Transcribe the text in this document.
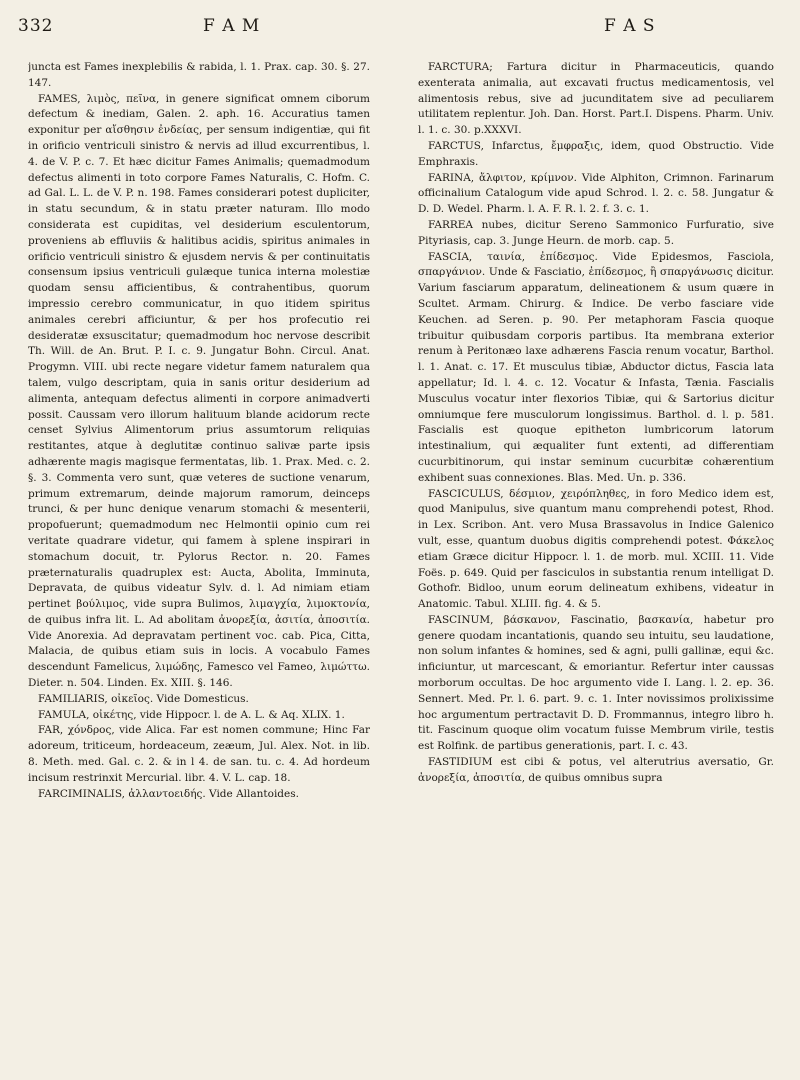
332	F A M	F A S

juncta est Fames inexplebilis & rabida, l. 1. Prax. cap. 30. §. 27. 147.

FAMES, λιμὸς, πεῖνα, in genere significat omnem ciborum defectum & inediam, Galen. 2. aph. 16. Accuratius tamen exponitur per αἴσθησιν ἐνδείας, per sensum indigentiæ, qui fit in orificio ventriculi sinistro & nervis ad illud excurrentibus, l. 4. de V. P. c. 7. Et hæc dicitur Fames Animalis; quemadmodum defectus alimenti in toto corpore Fames Naturalis, C. Hofm. C. ad Gal. L. L. de V. P. n. 198. Fames considerari potest dupliciter, in statu secundum, & in statu præter naturam. Illo modo considerata est cupiditas, vel desiderium esculentorum, proveniens ab effluviis & halitibus acidis, spiritus animales in orificio ventriculi sinistro & ejusdem nervis & per continuitatis consensum ipsius ventriculi gulæque tunica interna molestiæ quodam sensu afficientibus, & contrahentibus, quorum impressio cerebro communicatur, in quo itidem spiritus animales cerebri afficiuntur, & per hos profecutio rei desideratæ exsuscitatur; quemadmodum hoc nervose describit Th. Will. de An. Brut. P. I. c. 9. Jungatur Bohn. Circul. Anat. Progymn. VIII. ubi recte negare videtur famem naturalem qua talem, vulgo descriptam, quia in sanis oritur desiderium ad alimenta, antequam defectus alimenti in corpore animadverti possit. Caussam vero illorum halituum blande acidorum recte censet Sylvius Alimentorum prius assumtorum reliquias restitantes, atque à deglutitæ continuo salivæ parte ipsis adhærente magis magisque fermentatas, lib. 1. Prax. Med. c. 2. §. 3. Commenta vero sunt, quæ veteres de suctione venarum, primum extremarum, deinde majorum ramorum, deinceps trunci, & per hunc denique venarum stomachi & mesenterii, propofuerunt; quemadmodum nec Helmontii opinio cum rei veritate quadrare videtur, qui famem à splene inspirari in stomachum docuit, tr. Pylorus Rector. n. 20. Fames præternaturalis quadruplex est: Aucta, Abolita, Imminuta, Depravata, de quibus videatur Sylv. d. l. Ad nimiam etiam pertinet βούλιμος, vide supra Bulimos, λιμαγχία, λιμοκτονία, de quibus infra lit. L. Ad abolitam ἀνορεξία, ἀσιτία, ἀποσιτία. Vide Anorexia. Ad depravatam pertinent voc. cab. Pica, Citta, Malacia, de quibus etiam suis in locis. A vocabulo Fames descendunt Famelicus, λιμώδης, Famesco vel Fameo, λιμώττω. Dieter. n. 504. Linden. Ex. XIII. §. 146.

FAMILIARIS, οἰκεῖος. Vide Domesticus.

FAMULA, οἰκέτης, vide Hippocr. l. de A. L. & Aq. XLIX. 1.

FAR, χόνδρος, vide Alica. Far est nomen commune; Hinc Far adoreum, triticeum, hordeaceum, zeæum, Jul. Alex. Not. in lib. 8. Meth. med. Gal. c. 2. & in l 4. de san. tu. c. 4. Ad hordeum incisum restrinxit Mercurial. libr. 4. V. L. cap. 18.

FARCIMINALIS, ἀλλαντοειδής. Vide Allantoides.

FARCTURA; Fartura dicitur in Pharmaceuticis, quando exenterata animalia, aut excavati fructus medicamentosis, vel alimentosis rebus, sive ad jucunditatem sive ad peculiarem utilitatem replentur. Joh. Dan. Horst. Part.I. Dispens. Pharm. Univ. l. 1. c. 30. p.XXXVI.

FARCTUS, Infarctus, ἔμφραξις, idem, quod Obstructio. Vide Emphraxis.

FARINA, ἄλφιτον, κρίμνον. Vide Alphiton, Crimnon. Farinarum officinalium Catalogum vide apud Schrod. l. 2. c. 58. Jungatur & D. D. Wedel. Pharm. l. A. F. R. l. 2. f. 3. c. 1.

FARREA nubes, dicitur Sereno Sammonico Furfuratio, sive Pityriasis, cap. 3. Junge Heurn. de morb. cap. 5.

FASCIA, ταινία, ἐπίδεσμος. Vide Epidesmos, Fasciola, σπαργάνιον. Unde & Fasciatio, ἐπίδεσμος, ἢ σπαργάνωσις dicitur. Varium fasciarum apparatum, delineationem & usum quære in Scultet. Armam. Chirurg. & Indice. De verbo fasciare vide Keuchen. ad Seren. p. 90. Per metaphoram Fascia quoque tribuitur quibusdam corporis partibus. Ita membrana exterior renum à Peritonæo laxe adhærens Fascia renum vocatur, Barthol. l. 1. Anat. c. 17. Et musculus tibiæ, Abductor dictus, Fascia lata appellatur; Id. l. 4. c. 12. Vocatur & Infasta, Tænia. Fascialis Musculus vocatur inter flexorios Tibiæ, qui & Sartorius dicitur omniumque fere musculorum longissimus. Barthol. d. l. p. 581. Fascialis est quoque epitheton lumbricorum latorum intestinalium, qui æqualiter funt extenti, ad differentiam cucurbitinorum, qui instar seminum cucurbitæ cohærentium exhibent suas connexiones. Blas. Med. Un. p. 336.

FASCICULUS, δέσμιον, χειρόπληθες, in foro Medico idem est, quod Manipulus, sive quantum manu comprehendi potest, Rhod. in Lex. Scribon. Ant. vero Musa Brassavolus in Indice Galenico vult, esse, quantum duobus digitis comprehendi potest. Φάκελος etiam Græce dicitur Hippocr. l. 1. de morb. mul. XCIII. 11. Vide Foës. p. 649. Quid per fasciculos in substantia renum intelligat D. Gothofr. Bidloo, unum eorum delineatum exhibens, videatur in Anatomic. Tabul. XLIII. fig. 4. & 5.

FASCINUM, βάσκανον, Fascinatio, βασκανία, habetur pro genere quodam incantationis, quando seu intuitu, seu laudatione, non solum infantes & homines, sed & agni, pulli gallinæ, equi &c. inficiuntur, ut marcescant, & emoriantur. Refertur inter caussas morborum occultas. De hoc argumento vide I. Lang. l. 2. ep. 36. Sennert. Med. Pr. l. 6. part. 9. c. 1. Inter novissimos prolixissime hoc argumentum pertractavit D. D. Frommannus, integro libro h. tit. Fascinum quoque olim vocatum fuisse Membrum virile, testis est Rolfink. de partibus generationis, part. I. c. 43.

FASTIDIUM est cibi & potus, vel alterutrius aversatio, Gr. ἀνορεξία, ἀποσιτία, de quibus omnibus supra
